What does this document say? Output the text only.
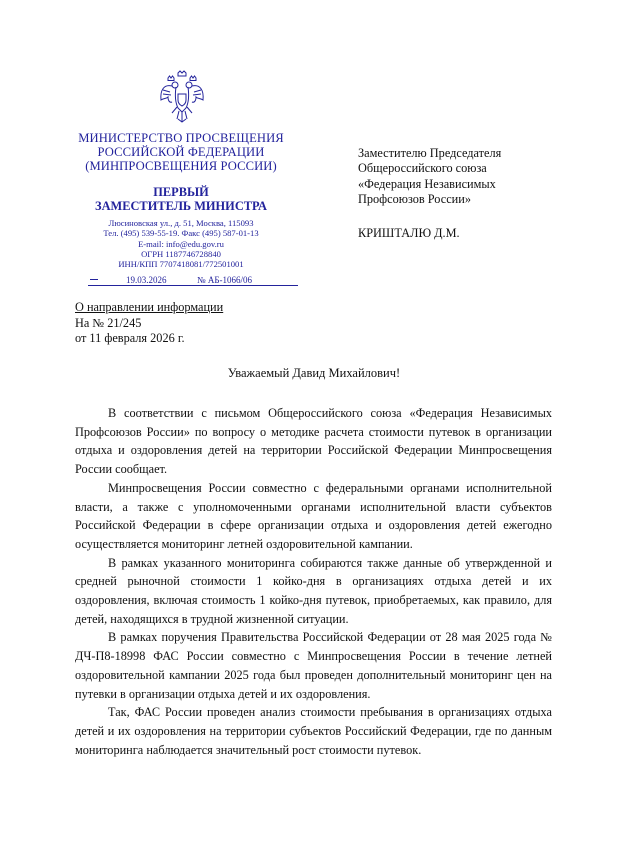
МИНИСТЕРСТВО ПРОСВЕЩЕНИЯ
РОССИЙСКОЙ ФЕДЕРАЦИИ
(МИНПРОСВЕЩЕНИЯ РОССИИ)
ПЕРВЫЙ
ЗАМЕСТИТЕЛЬ МИНИСТРА
Люсиновская ул., д. 51, Москва, 115093
Тел. (495) 539-55-19. Факс (495) 587-01-13
E-mail: info@edu.gov.ru
ОГРН 1187746728840
ИНН/КПП 7707418081/772501001
19.03.2026	№ АБ-1066/06
Заместителю Председателя
Общероссийского союза
«Федерация Независимых
Профсоюзов России»
КРИШТАЛЮ Д.М.
О направлении информации
На № 21/245
от 11 февраля 2026 г.
Уважаемый Давид Михайлович!

В соответствии с письмом Общероссийского союза «Федерация Независимых Профсоюзов России» по вопросу о методике расчета стоимости путевок в организации отдыха и оздоровления детей на территории Российской Федерации Минпросвещения России сообщает.

Минпросвещения России совместно с федеральными органами исполнительной власти, а также с уполномоченными органами исполнительной власти субъектов Российской Федерации в сфере организации отдыха и оздоровления детей ежегодно осуществляется мониторинг летней оздоровительной кампании.

В рамках указанного мониторинга собираются также данные об утвержденной и средней рыночной стоимости 1 койко-дня в организациях отдыха детей и их оздоровления, включая стоимость 1 койко-дня путевок, приобретаемых, как правило, для детей, находящихся в трудной жизненной ситуации.

В рамках поручения Правительства Российской Федерации от 28 мая 2025 года № ДЧ-П8-18998 ФАС России совместно с Минпросвещения России в течение летней оздоровительной кампании 2025 года был проведен дополнительный мониторинг цен на путевки в организации отдыха детей и их оздоровления.

Так, ФАС России проведен анализ стоимости пребывания в организациях отдыха детей и их оздоровления на территории субъектов Российский Федерации, где по данным мониторинга наблюдается значительный рост стоимости путевок.
